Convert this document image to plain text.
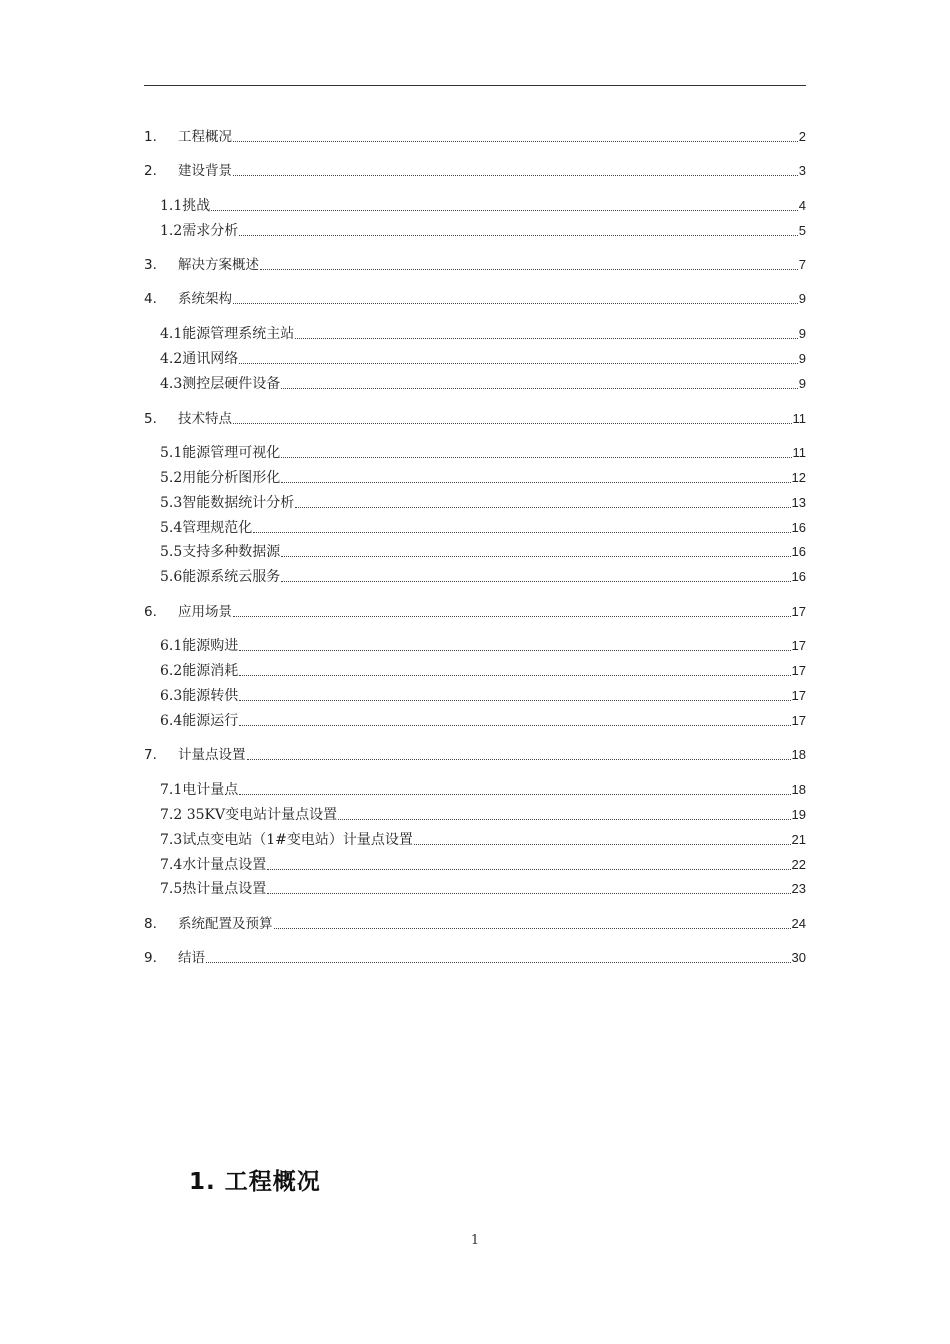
1.	工程概况	2
2.	建设背景	3
1.1挑战	4
1.2需求分析	5
3.	解决方案概述	7
4.	系统架构	9
4.1能源管理系统主站	9
4.2通讯网络	9
4.3测控层硬件设备	9
5.	技术特点	11
5.1能源管理可视化	11
5.2用能分析图形化	12
5.3智能数据统计分析	13
5.4管理规范化	16
5.5支持多种数据源	16
5.6能源系统云服务	16
6.	应用场景	17
6.1能源购进	17
6.2能源消耗	17
6.3能源转供	17
6.4能源运行	17
7.	计量点设置	18
7.1电计量点	18
7.2 35KV变电站计量点设置	19
7.3试点变电站（1#变电站）计量点设置	21
7.4水计量点设置	22
7.5热计量点设置	23
8.	系统配置及预算	24
9.	结语	30
1. 工程概况
1
